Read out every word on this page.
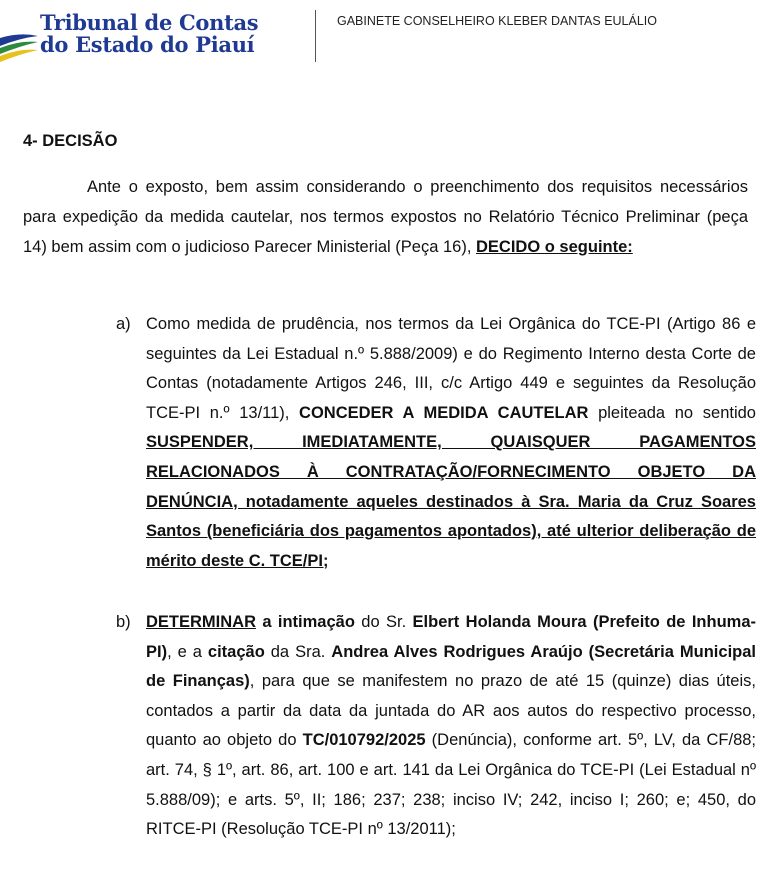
Tribunal de Contas
do Estado do Piauí
GABINETE CONSELHEIRO KLEBER DANTAS EULÁLIO
4- DECISÃO
Ante o exposto, bem assim considerando o preenchimento dos requisitos necessários para expedição da medida cautelar, nos termos expostos no Relatório Técnico Preliminar (peça 14) bem assim com o judicioso Parecer Ministerial (Peça 16), DECIDO o seguinte:
a) Como medida de prudência, nos termos da Lei Orgânica do TCE-PI (Artigo 86 e seguintes da Lei Estadual n.º 5.888/2009) e do Regimento Interno desta Corte de Contas (notadamente Artigos 246, III, c/c Artigo 449 e seguintes da Resolução TCE-PI n.º 13/11), CONCEDER A MEDIDA CAUTELAR pleiteada no sentido SUSPENDER, IMEDIATAMENTE, QUAISQUER PAGAMENTOS RELACIONADOS À CONTRATAÇÃO/FORNECIMENTO OBJETO DA DENÚNCIA, notadamente aqueles destinados à Sra. Maria da Cruz Soares Santos (beneficiária dos pagamentos apontados), até ulterior deliberação de mérito deste C. TCE/PI;
b) DETERMINAR a intimação do Sr. Elbert Holanda Moura (Prefeito de Inhuma-PI), e a citação da Sra. Andrea Alves Rodrigues Araújo (Secretária Municipal de Finanças), para que se manifestem no prazo de até 15 (quinze) dias úteis, contados a partir da data da juntada do AR aos autos do respectivo processo, quanto ao objeto do TC/010792/2025 (Denúncia), conforme art. 5º, LV, da CF/88; art. 74, § 1º, art. 86, art. 100 e art. 141 da Lei Orgânica do TCE-PI (Lei Estadual nº 5.888/09); e arts. 5º, II; 186; 237; 238; inciso IV; 242, inciso I; 260; e; 450, do RITCE-PI (Resolução TCE-PI nº 13/2011);
